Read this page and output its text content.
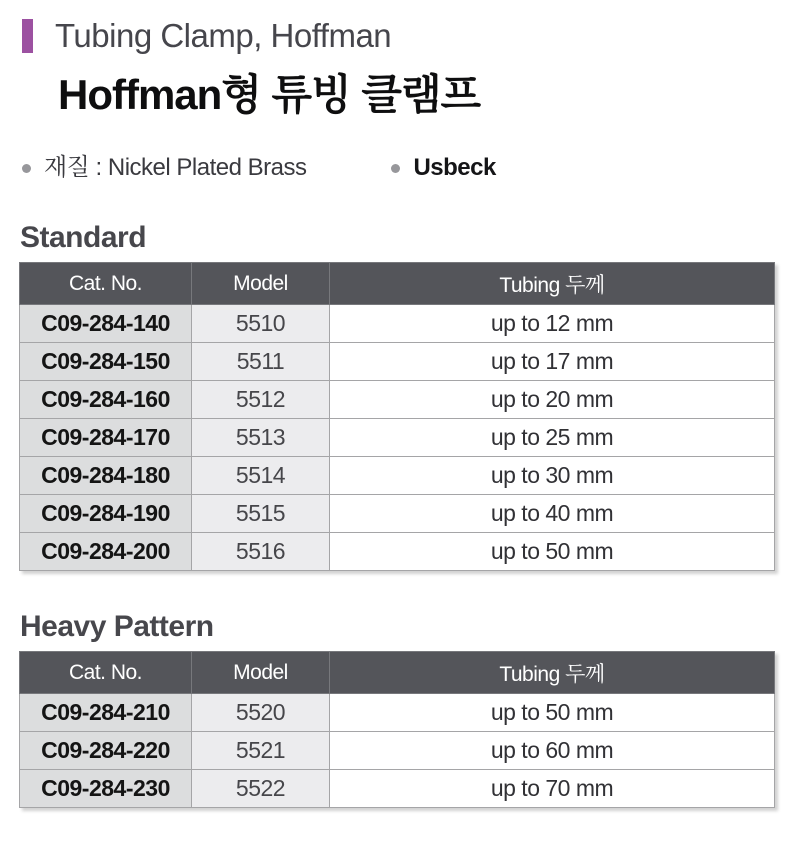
Tubing Clamp, Hoffman
Hoffman형 튜빙 클램프
재질 : Nickel Plated Brass	Usbeck
Standard
Cat. No.	Model	Tubing 두께
C09-284-140	5510	up to 12 mm
C09-284-150	5511	up to 17 mm
C09-284-160	5512	up to 20 mm
C09-284-170	5513	up to 25 mm
C09-284-180	5514	up to 30 mm
C09-284-190	5515	up to 40 mm
C09-284-200	5516	up to 50 mm
Heavy Pattern
Cat. No.	Model	Tubing 두께
C09-284-210	5520	up to 50 mm
C09-284-220	5521	up to 60 mm
C09-284-230	5522	up to 70 mm
